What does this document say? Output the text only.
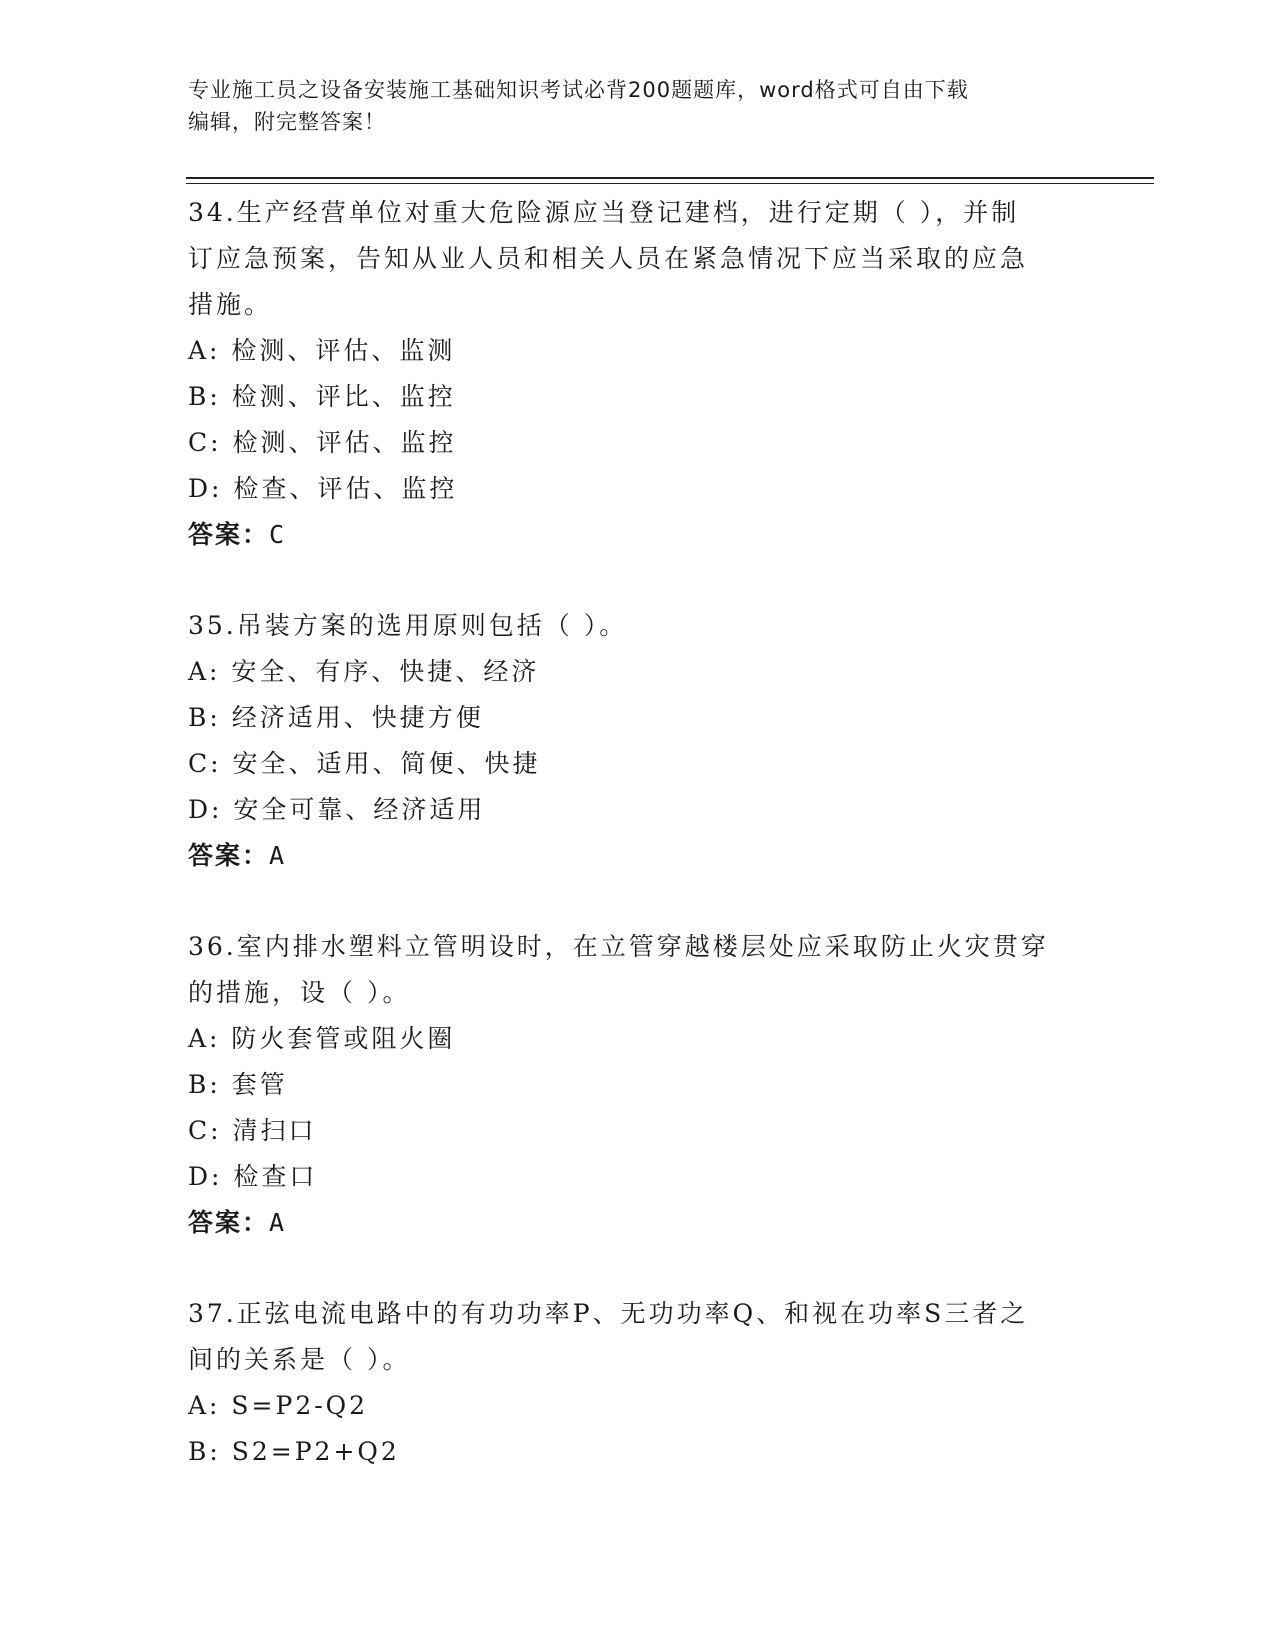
专业施工员之设备安装施工基础知识考试必背200题题库，word格式可自由下载
编辑，附完整答案！

34.生产经营单位对重大危险源应当登记建档，进行定期（ ），并制

订应急预案，告知从业人员和相关人员在紧急情况下应当采取的应急

措施。

A: 检测、评估、监测

B: 检测、评比、监控

C: 检测、评估、监控

D: 检查、评估、监控

答案：C

35.吊装方案的选用原则包括（ ）。

A: 安全、有序、快捷、经济

B: 经济适用、快捷方便

C: 安全、适用、简便、快捷

D: 安全可靠、经济适用

答案：A

36.室内排水塑料立管明设时，在立管穿越楼层处应采取防止火灾贯穿

的措施，设（ ）。

A: 防火套管或阻火圈

B: 套管

C: 清扫口

D: 检查口

答案：A

37.正弦电流电路中的有功功率P、无功功率Q、和视在功率S三者之

间的关系是（ ）。

A: S=P2-Q2

B: S2=P2+Q2
